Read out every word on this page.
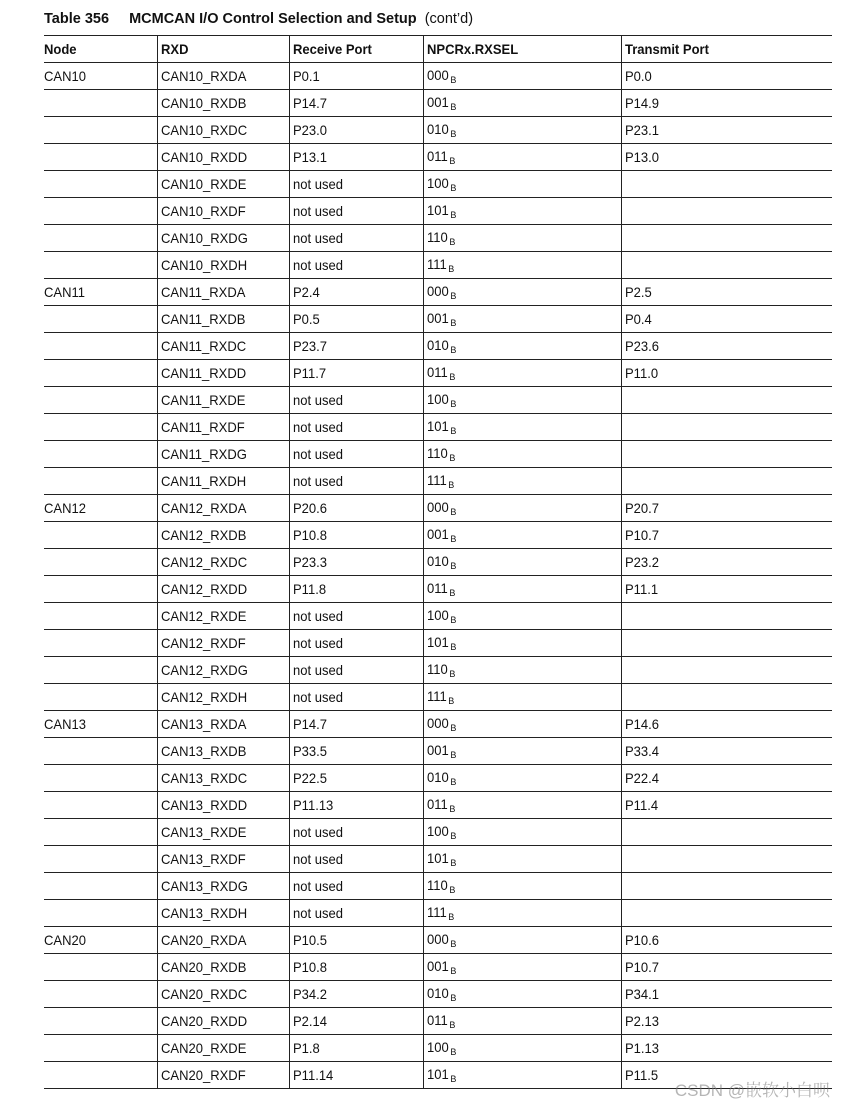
Table 356 MCMCAN I/O Control Selection and Setup (cont’d)
Node	RXD	Receive Port	NPCRx.RXSEL	Transmit Port
CAN10	CAN10_RXDA	P0.1	000 $_B$	P0.0
	CAN10_RXDB	P14.7	001 $_B$	P14.9
	CAN10_RXDC	P23.0	010 $_B$	P23.1
	CAN10_RXDD	P13.1	011 $_B$	P13.0
	CAN10_RXDE	not used	100 $_B$	
	CAN10_RXDF	not used	101 $_B$	
	CAN10_RXDG	not used	110 $_B$	
	CAN10_RXDH	not used	$111_B$	
CAN11	CAN11_RXDA	P2.4	000 $_B$	P2.5
	CAN11_RXDB	P0.5	001 $_B$	P0.4
	CAN11_RXDC	P23.7	010 $_B$	P23.6
	CAN11_RXDD	P11.7	011 $_B$	P11.0
	CAN11_RXDE	not used	100 $_B$	
	CAN11_RXDF	not used	101 $_B$	
	CAN11_RXDG	not used	110 $_B$	
	CAN11_RXDH	not used	$111_B$	
CAN12	CAN12_RXDA	P20.6	000 $_B$	P20.7
	CAN12_RXDB	P10.8	001 $_B$	P10.7
	CAN12_RXDC	P23.3	010 $_B$	P23.2
	CAN12_RXDD	P11.8	011 $_B$	P11.1
	CAN12_RXDE	not used	100 $_B$	
	CAN12_RXDF	not used	101 $_B$	
	CAN12_RXDG	not used	110 $_B$	
	CAN12_RXDH	not used	$111_B$	
CAN13	CAN13_RXDA	P14.7	000 $_B$	P14.6
	CAN13_RXDB	P33.5	001 $_B$	P33.4
	CAN13_RXDC	P22.5	010 $_B$	P22.4
	CAN13_RXDD	P11.13	011 $_B$	P11.4
	CAN13_RXDE	not used	100 $_B$	
	CAN13_RXDF	not used	101 $_B$	
	CAN13_RXDG	not used	110 $_B$	
	CAN13_RXDH	not used	$111_B$	
CAN20	CAN20_RXDA	P10.5	000 $_B$	P10.6
	CAN20_RXDB	P10.8	001 $_B$	P10.7
	CAN20_RXDC	P34.2	010 $_B$	P34.1
	CAN20_RXDD	P2.14	011 $_B$	P2.13
	CAN20_RXDE	P1.8	100 $_B$	P1.13
	CAN20_RXDF	P11.14	101 $_B$	P11.5
CSDN @嵌软小白呗
